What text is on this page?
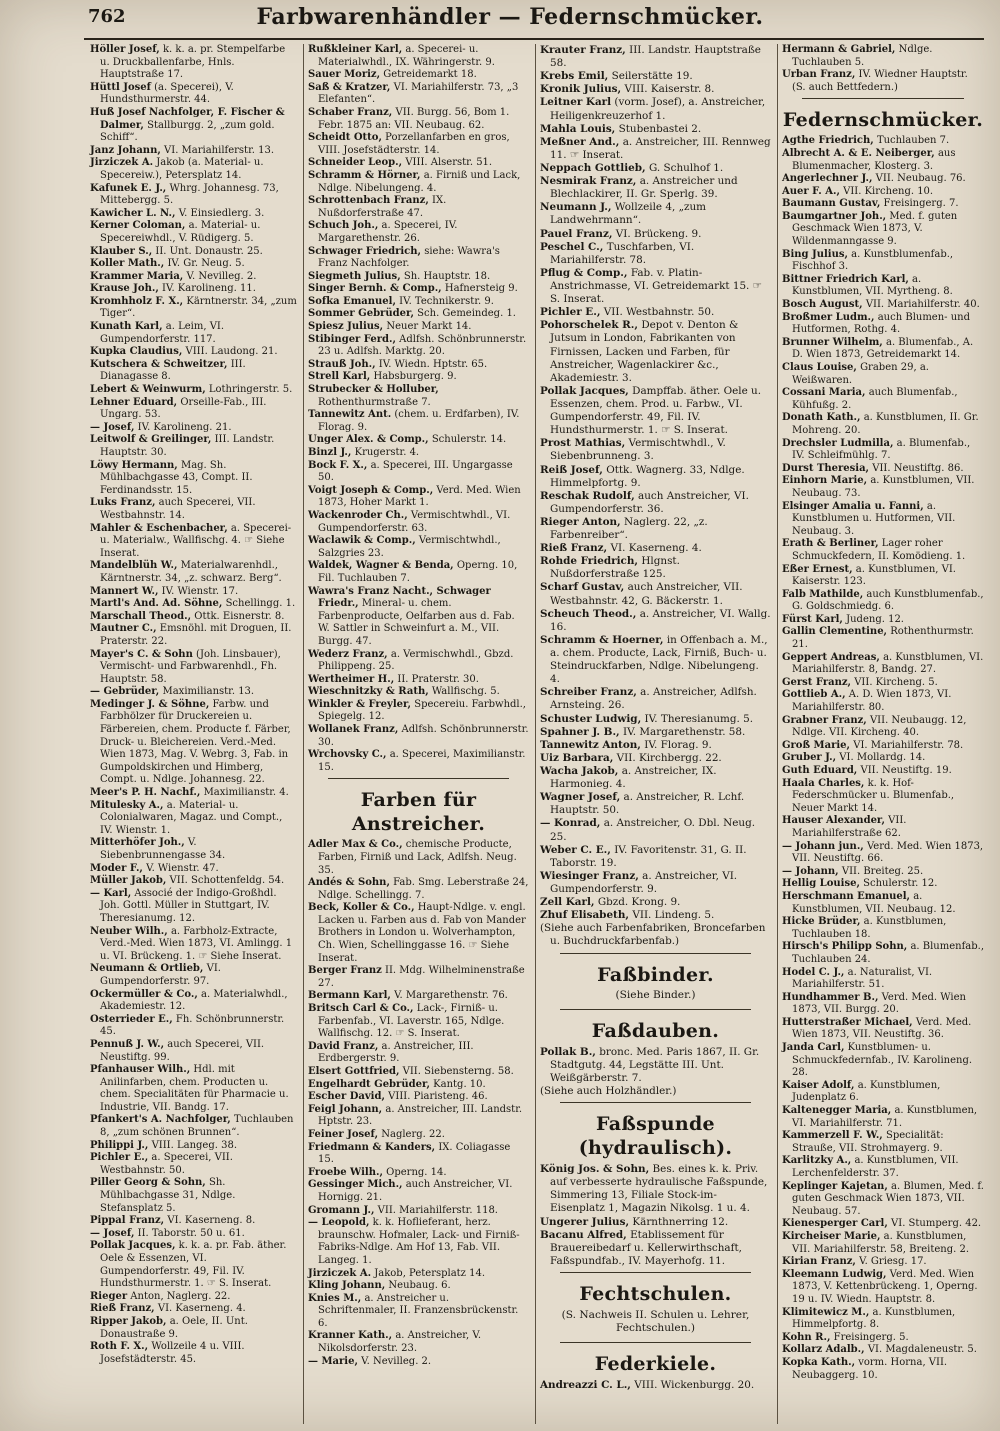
762	Farbwarenhändler — Federnschmücker.

Höller Josef, k. k. a. pr. Stempelfarbe u. Druckballenfarbe, Hnls. Hauptstraße 17.

Hüttl Josef (a. Specerei), V. Hundsthurmerstr. 44.

Huß Josef Nachfolger, F. Fischer & Dalmer, Stallburgg. 2, „zum gold. Schiff“.

Janz Johann, VI. Mariahilferstr. 13.

Jirziczek A. Jakob (a. Material- u. Specereiw.), Petersplatz 14.

Kafunek E. J., Whrg. Johannesg. 73, Mittebergg. 5.

Kawicher L. N., V. Einsiedlerg. 3.

Kerner Coloman, a. Material- u. Specereiwhdl., V. Rüdigerg. 5.

Klauber S., II. Unt. Donaustr. 25.

Koller Math., IV. Gr. Neug. 5.

Krammer Maria, V. Nevilleg. 2.

Krause Joh., IV. Karolineng. 11.

Kromhholz F. X., Kärntnerstr. 34, „zum Tiger“.

Kunath Karl, a. Leim, VI. Gumpendorferstr. 117.

Kupka Claudius, VIII. Laudong. 21.

Kutschera & Schweitzer, III. Dianagasse 8.

Lebert & Weinwurm, Lothringerstr. 5.

Lehner Eduard, Orseille-Fab., III. Ungarg. 53.

— Josef, IV. Karolineng. 21.

Leitwolf & Greilinger, III. Landstr. Hauptstr. 30.

Löwy Hermann, Mag. Sh. Mühlbachgasse 43, Compt. II. Ferdinandsstr. 15.

Luks Franz, auch Specerei, VII. Westbahnstr. 14.

Mahler & Eschenbacher, a. Specerei- u. Materialw., Wallfischg. 4. ☞ Siehe Inserat.

Mandelblüh W., Materialwarenhdl., Kärntnerstr. 34, „z. schwarz. Berg“.

Mannert W., IV. Wienstr. 17.

Martl's And. Ad. Söhne, Schellingg. 1.

Marschall Theod., Ottk. Eisnerstr. 8.

Mautner C., Emsnöhl. mit Droguen, II. Praterstr. 22.

Mayer's C. & Sohn (Joh. Linsbauer), Vermischt- und Farbwarenhdl., Fh. Hauptstr. 58.

— Gebrüder, Maximilianstr. 13.

Medinger J. & Söhne, Farbw. und Farbhölzer für Druckereien u. Färbereien, chem. Producte f. Färber, Druck- u. Bleichereien. Verd.-Med. Wien 1873, Mag. V. Webrg. 3, Fab. in Gumpoldskirchen und Himberg, Compt. u. Ndlge. Johannesg. 22.

Meer's P. H. Nachf., Maximilianstr. 4.

Mitulesky A., a. Material- u. Colonialwaren, Magaz. und Compt., IV. Wienstr. 1.

Mitterhöfer Joh., V. Siebenbrunnengasse 34.

Moder F., V. Wienstr. 47.

Müller Jakob, VII. Schottenfeldg. 54.

— Karl, Associé der Indigo-Großhdl. Joh. Gottl. Müller in Stuttgart, IV. Theresianumg. 12.

Neuber Wilh., a. Farbholz-Extracte, Verd.-Med. Wien 1873, VI. Amlingg. 1 u. VI. Brückeng. 1. ☞ Siehe Inserat.

Neumann & Ortlieb, VI. Gumpendorferstr. 97.

Ockermüller & Co., a. Materialwhdl., Akademiestr. 12.

Osterrieder E., Fh. Schönbrunnerstr. 45.

Pennuß J. W., auch Specerei, VII. Neustiftg. 99.

Pfanhauser Wilh., Hdl. mit Anilinfarben, chem. Producten u. chem. Specialitäten für Pharmacie u. Industrie, VII. Bandg. 17.

Pfankert's A. Nachfolger, Tuchlauben 8, „zum schönen Brunnen“.

Philippi J., VIII. Langeg. 38.

Pichler E., a. Specerei, VII. Westbahnstr. 50.

Piller Georg & Sohn, Sh. Mühlbachgasse 31, Ndlge. Stefansplatz 5.

Pippal Franz, VI. Kaserneng. 8.

— Josef, II. Taborstr. 50 u. 61.

Pollak Jacques, k. k. a. pr. Fab. äther. Oele & Essenzen, VI. Gumpendorferstr. 49, Fil. IV. Hundsthurmerstr. 1. ☞ S. Inserat.

Rieger Anton, Naglerg. 22.

Rieß Franz, VI. Kaserneng. 4.

Ripper Jakob, a. Oele, II. Unt. Donaustraße 9.

Roth F. X., Wollzeile 4 u. VIII. Josefstädterstr. 45.

Rußkleiner Karl, a. Specerei- u. Materialwhdl., IX. Währingerstr. 9.

Sauer Moriz, Getreidemarkt 18.

Saß & Kratzer, VI. Mariahilferstr. 73, „3 Elefanten“.

Schaber Franz, VII. Burgg. 56, Bom 1. Febr. 1875 an: VII. Neubaug. 62.

Scheidt Otto, Porzellanfarben en gros, VIII. Josefstädterstr. 14.

Schneider Leop., VIII. Alserstr. 51.

Schramm & Hörner, a. Firniß und Lack, Ndlge. Nibelungeng. 4.

Schrottenbach Franz, IX. Nußdorferstraße 47.

Schuch Joh., a. Specerei, IV. Margarethenstr. 26.

Schwager Friedrich, siehe: Wawra's Franz Nachfolger.

Siegmeth Julius, Sh. Hauptstr. 18.

Singer Bernh. & Comp., Hafnersteig 9.

Sofka Emanuel, IV. Technikerstr. 9.

Sommer Gebrüder, Sch. Gemeindeg. 1.

Spiesz Julius, Neuer Markt 14.

Stibinger Ferd., Adlfsh. Schönbrunnerstr. 23 u. Adlfsh. Marktg. 20.

Strauß Joh., IV. Wiedn. Hptstr. 65.

Strell Karl, Habsburgerg. 9.

Strubecker & Holluber, Rothenthurmstraße 7.

Tannewitz Ant. (chem. u. Erdfarben), IV. Florag. 9.

Unger Alex. & Comp., Schulerstr. 14.

Binzl J., Krugerstr. 4.

Bock F. X., a. Specerei, III. Ungargasse 50.

Voigt Joseph & Comp., Verd. Med. Wien 1873, Hoher Markt 1.

Wackenroder Ch., Vermischtwhdl., VI. Gumpendorferstr. 63.

Waclawik & Comp., Vermischtwhdl., Salzgries 23.

Waldek, Wagner & Benda, Operng. 10, Fil. Tuchlauben 7.

Wawra's Franz Nacht., Schwager Friedr., Mineral- u. chem. Farbenproducte, Oelfarben aus d. Fab. W. Sattler in Schweinfurt a. M., VII. Burgg. 47.

Wederz Franz, a. Vermischwhdl., Gbzd. Philippeng. 25.

Wertheimer H., II. Praterstr. 30.

Wieschnitzky & Rath, Wallfischg. 5.

Winkler & Freyler, Specereiu. Farbwhdl., Spiegelg. 12.

Wollanek Franz, Adlfsh. Schönbrunnerstr. 30.

Wrchovsky C., a. Specerei, Maximilianstr. 15.

Farben für Anstreicher.

Adler Max & Co., chemische Producte, Farben, Firniß und Lack, Adlfsh. Neug. 35.

Andés & Sohn, Fab. Smg. Leberstraße 24, Ndlge. Schellingg. 7.

Beck, Koller & Co., Haupt-Ndlge. v. engl. Lacken u. Farben aus d. Fab von Mander Brothers in London u. Wolverhampton, Ch. Wien, Schellinggasse 16. ☞ Siehe Inserat.

Berger Franz II. Mdg. Wilhelminenstraße 27.

Bermann Karl, V. Margarethenstr. 76.

Britsch Carl & Co., Lack-, Firniß- u. Farbenfab., VI. Laverstr. 165, Ndlge. Wallfischg. 12. ☞ S. Inserat.

David Franz, a. Anstreicher, III. Erdbergerstr. 9.

Elsert Gottfried, VII. Siebensterng. 58.

Engelhardt Gebrüder, Kantg. 10.

Escher David, VIII. Piaristeng. 46.

Feigl Johann, a. Anstreicher, III. Landstr. Hptstr. 23.

Feiner Josef, Naglerg. 22.

Friedmann & Kanders, IX. Coliagasse 15.

Froebe Wilh., Operng. 14.

Gessinger Mich., auch Anstreicher, VI. Hornigg. 21.

Gromann J., VII. Mariahilferstr. 118.

— Leopold, k. k. Hoflieferant, herz. braunschw. Hofmaler, Lack- und Firniß-Fabriks-Ndlge. Am Hof 13, Fab. VII. Langeg. 1.

Jirziczek A. Jakob, Petersplatz 14.

Kling Johann, Neubaug. 6.

Knies M., a. Anstreicher u. Schriftenmaler, II. Franzensbrückenstr. 6.

Kranner Kath., a. Anstreicher, V. Nikolsdorferstr. 23.

— Marie, V. Nevilleg. 2.

Krauter Franz, III. Landstr. Hauptstraße 58.

Krebs Emil, Seilerstätte 19.

Kronik Julius, VIII. Kaiserstr. 8.

Leitner Karl (vorm. Josef), a. Anstreicher, Heiligenkreuzerhof 1.

Mahla Louis, Stubenbastei 2.

Meßner And., a. Anstreicher, III. Rennweg 11. ☞ Inserat.

Neppach Gottlieb, G. Schulhof 1.

Nesmirak Franz, a. Anstreicher und Blechlackirer, II. Gr. Sperlg. 39.

Neumann J., Wollzeile 4, „zum Landwehrmann“.

Pauel Franz, VI. Brückeng. 9.

Peschel C., Tuschfarben, VI. Mariahilferstr. 78.

Pflug & Comp., Fab. v. Platin-Anstrichmasse, VI. Getreidemarkt 15. ☞ S. Inserat.

Pichler E., VII. Westbahnstr. 50.

Pohorschelek R., Depot v. Denton & Jutsum in London, Fabrikanten von Firnissen, Lacken und Farben, für Anstreicher, Wagenlackirer &c., Akademiestr. 3.

Pollak Jacques, Dampffab. äther. Oele u. Essenzen, chem. Prod. u. Farbw., VI. Gumpendorferstr. 49, Fil. IV. Hundsthurmerstr. 1. ☞ S. Inserat.

Prost Mathias, Vermischtwhdl., V. Siebenbrunneng. 3.

Reiß Josef, Ottk. Wagnerg. 33, Ndlge. Himmelpfortg. 9.

Reschak Rudolf, auch Anstreicher, VI. Gumpendorferstr. 36.

Rieger Anton, Naglerg. 22, „z. Farbenreiber“.

Rieß Franz, VI. Kaserneng. 4.

Rohde Friedrich, Hlgnst. Nußdorferstraße 125.

Scharf Gustav, auch Anstreicher, VII. Westbahnstr. 42, G. Bäckerstr. 1.

Scheuch Theod., a. Anstreicher, VI. Wallg. 16.

Schramm & Hoerner, in Offenbach a. M., a. chem. Producte, Lack, Firniß, Buch- u. Steindruckfarben, Ndlge. Nibelungeng. 4.

Schreiber Franz, a. Anstreicher, Adlfsh. Arnsteing. 26.

Schuster Ludwig, IV. Theresianumg. 5.

Spahner J. B., IV. Margarethenstr. 58.

Tannewitz Anton, IV. Florag. 9.

Uiz Barbara, VII. Kirchbergg. 22.

Wacha Jakob, a. Anstreicher, IX. Harmonieg. 4.

Wagner Josef, a. Anstreicher, R. Lchf. Hauptstr. 50.

— Konrad, a. Anstreicher, O. Dbl. Neug. 25.

Weber C. E., IV. Favoritenstr. 31, G. II. Taborstr. 19.

Wiesinger Franz, a. Anstreicher, VI. Gumpendorferstr. 9.

Zell Karl, Gbzd. Krong. 9.

Zhuf Elisabeth, VII. Lindeng. 5.

(Siehe auch Farbenfabriken, Broncefarben u. Buchdruckfarbenfab.)

Faßbinder.
(Siehe Binder.)
Faßdauben.

Pollak B., bronc. Med. Paris 1867, II. Gr. Stadtgutg. 44, Legstätte III. Unt. Weißgärberstr. 7.

(Siehe auch Holzhändler.)

Faßspunde (hydraulisch).

König Jos. & Sohn, Bes. eines k. k. Priv. auf verbesserte hydraulische Faßspunde, Simmering 13, Filiale Stock-im-Eisenplatz 1, Magazin Nikolsg. 1 u. 4.

Ungerer Julius, Kärnthnerring 12.

Bacanu Alfred, Etablissement für Brauereibedarf u. Kellerwirthschaft, Faßspundfab., IV. Mayerhofg. 11.

Fechtschulen.
(S. Nachweis II. Schulen u. Lehrer, Fechtschulen.)
Federkiele.

Andreazzi C. L., VIII. Wickenburgg. 20.

Hermann & Gabriel, Ndlge. Tuchlauben 5.

Urban Franz, IV. Wiedner Hauptstr. (S. auch Bettfedern.)

Federnschmücker.

Agthe Friedrich, Tuchlauben 7.

Albrecht A. & E. Neiberger, aus Blumenmacher, Klosterg. 3.

Angerlechner J., VII. Neubaug. 76.

Auer F. A., VII. Kircheng. 10.

Baumann Gustav, Freisingerg. 7.

Baumgartner Joh., Med. f. guten Geschmack Wien 1873, V. Wildenmanngasse 9.

Bing Julius, a. Kunstblumenfab., Fischhof 3.

Bittner Friedrich Karl, a. Kunstblumen, VII. Myrtheng. 8.

Bosch August, VII. Mariahilferstr. 40.

Broßmer Ludm., auch Blumen- und Hutformen, Rothg. 4.

Brunner Wilhelm, a. Blumenfab., A. D. Wien 1873, Getreidemarkt 14.

Claus Louise, Graben 29, a. Weißwaren.

Cossani Maria, auch Blumenfab., Kühfußg. 2.

Donath Kath., a. Kunstblumen, II. Gr. Mohreng. 20.

Drechsler Ludmilla, a. Blumenfab., IV. Schleifmühlg. 7.

Durst Theresia, VII. Neustiftg. 86.

Einhorn Marie, a. Kunstblumen, VII. Neubaug. 73.

Elsinger Amalia u. Fanni, a. Kunstblumen u. Hutformen, VII. Neubaug. 3.

Erath & Berliner, Lager roher Schmuckfedern, II. Komödieng. 1.

Eßer Ernest, a. Kunstblumen, VI. Kaiserstr. 123.

Falb Mathilde, auch Kunstblumenfab., G. Goldschmiedg. 6.

Fürst Karl, Judeng. 12.

Gallin Clementine, Rothenthurmstr. 21.

Geppert Andreas, a. Kunstblumen, VI. Mariahilferstr. 8, Bandg. 27.

Gerst Franz, VII. Kircheng. 5.

Gottlieb A., A. D. Wien 1873, VI. Mariahilferstr. 80.

Grabner Franz, VII. Neubaugg. 12, Ndlge. VII. Kircheng. 40.

Groß Marie, VI. Mariahilferstr. 78.

Gruber J., VI. Mollardg. 14.

Guth Eduard, VII. Neustiftg. 19.

Haala Charles, k. k. Hof-Federschmücker u. Blumenfab., Neuer Markt 14.

Hauser Alexander, VII. Mariahilferstraße 62.

— Johann jun., Verd. Med. Wien 1873, VII. Neustiftg. 66.

— Johann, VII. Breiteg. 25.

Hellig Louise, Schulerstr. 12.

Herschmann Emanuel, a. Kunstblumen, VII. Neubaug. 12.

Hicke Brüder, a. Kunstblumen, Tuchlauben 18.

Hirsch's Philipp Sohn, a. Blumenfab., Tuchlauben 24.

Hodel C. J., a. Naturalist, VI. Mariahilferstr. 51.

Hundhammer B., Verd. Med. Wien 1873, VII. Burgg. 20.

Hutterstraßer Michael, Verd. Med. Wien 1873, VII. Neustiftg. 36.

Janda Carl, Kunstblumen- u. Schmuckfedernfab., IV. Karolineng. 28.

Kaiser Adolf, a. Kunstblumen, Judenplatz 6.

Kaltenegger Maria, a. Kunstblumen, VI. Mariahilferstr. 71.

Kammerzell F. W., Specialität: Strauße, VII. Strohmayerg. 9.

Karlitzky A., a. Kunstblumen, VII. Lerchenfelderstr. 37.

Keplinger Kajetan, a. Blumen, Med. f. guten Geschmack Wien 1873, VII. Neubaug. 57.

Kienesperger Carl, VI. Stumperg. 42.

Kircheiser Marie, a. Kunstblumen, VII. Mariahilferstr. 58, Breiteng. 2.

Kirian Franz, V. Griesg. 17.

Kleemann Ludwig, Verd. Med. Wien 1873, V. Kettenbrückeng. 1, Operng. 19 u. IV. Wiedn. Hauptstr. 8.

Klimitewicz M., a. Kunstblumen, Himmelpfortg. 8.

Kohn R., Freisingerg. 5.

Kollarz Adalb., VI. Magdaleneustr. 5.

Kopka Kath., vorm. Horna, VII. Neubaggerg. 10.
